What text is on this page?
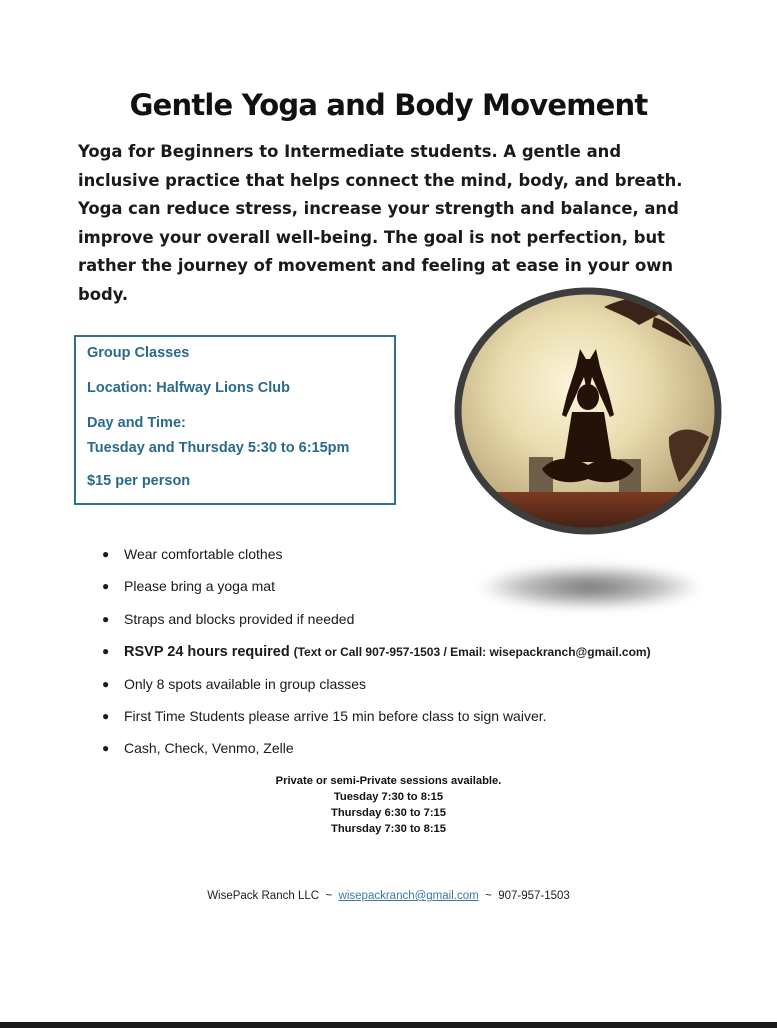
Gentle Yoga and Body Movement
Yoga for Beginners to Intermediate students. A gentle and inclusive practice that helps connect the mind, body, and breath. Yoga can reduce stress, increase your strength and balance, and improve your overall well-being. The goal is not perfection, but rather the journey of movement and feeling at ease in your own body.
Group Classes
Location: Halfway Lions Club
Day and Time:
Tuesday and Thursday 5:30 to 6:15pm
$15 per person
● Wear comfortable clothes
● Please bring a yoga mat
● Straps and blocks provided if needed
● RSVP 24 hours required (Text or Call 907-957-1503 / Email: wisepackranch@gmail.com)
● Only 8 spots available in group classes
● First Time Students please arrive 15 min before class to sign waiver.
● Cash, Check, Venmo, Zelle
Private or semi-Private sessions available.
Tuesday 7:30 to 8:15
Thursday 6:30 to 7:15
Thursday 7:30 to 8:15
WisePack Ranch LLC ~ wisepackranch@gmail.com ~ 907-957-1503
